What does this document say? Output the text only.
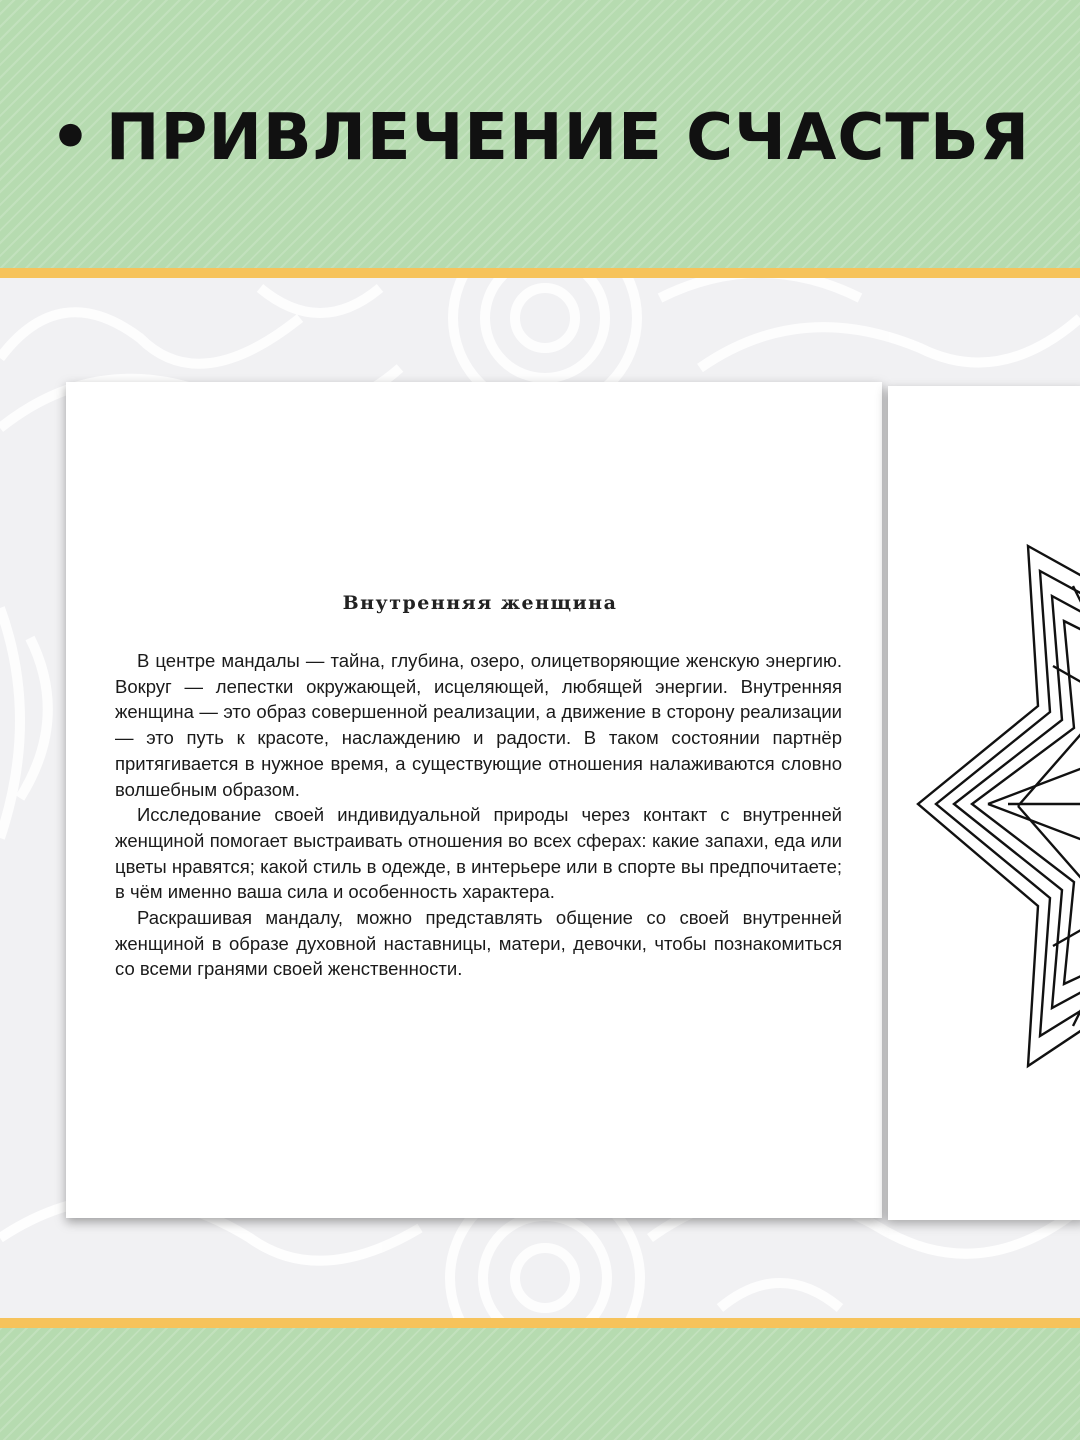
• ПРИВЛЕЧЕНИЕ СЧАСТЬЯ
Внутренняя женщина

В центре мандалы — тайна, глубина, озеро, олицетворяющие женскую энергию. Вокруг — лепестки окружающей, исцеляющей, любящей энергии. Внутренняя женщина — это образ совершенной реализации, а движение в сторону реализации — это путь к красоте, наслаждению и радости. В таком состоянии партнёр притягивается в нужное время, а существующие отношения налаживаются словно волшебным образом.

Исследование своей индивидуальной природы через контакт с внутренней женщиной помогает выстраивать отношения во всех сферах: какие запахи, еда или цветы нравятся; какой стиль в одежде, в интерьере или в спорте вы предпочитаете; в чём именно ваша сила и особенность характера.

Раскрашивая мандалу, можно представлять общение со своей внутренней женщиной в образе духовной наставницы, матери, девочки, чтобы познакомиться со всеми гранями своей женственности.
